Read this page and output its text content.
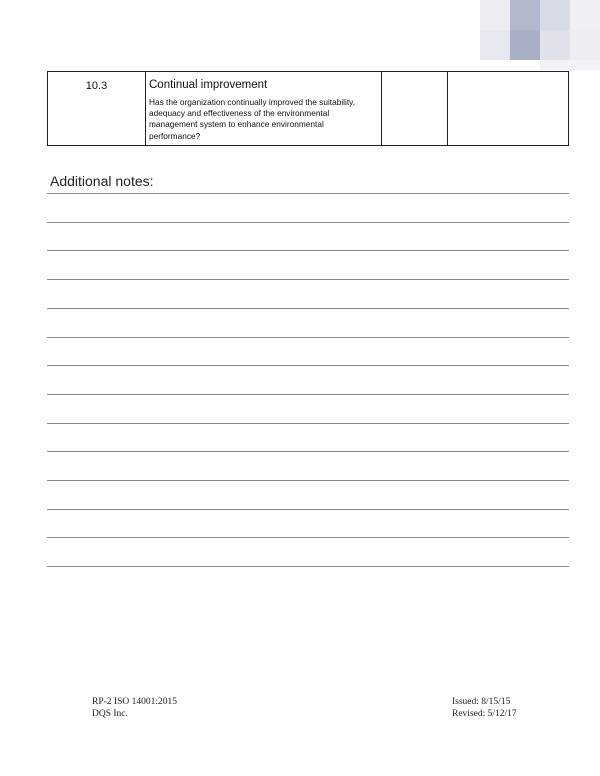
10.3	Continual improvement
Has the organization continually improved the suitability, adequacy and effectiveness of the environmental management system to enhance environmental performance?

Additional notes:
RP-2 ISO 14001:2015
DQS Inc.
Issued: 8/15/15
Revised: 5/12/17
